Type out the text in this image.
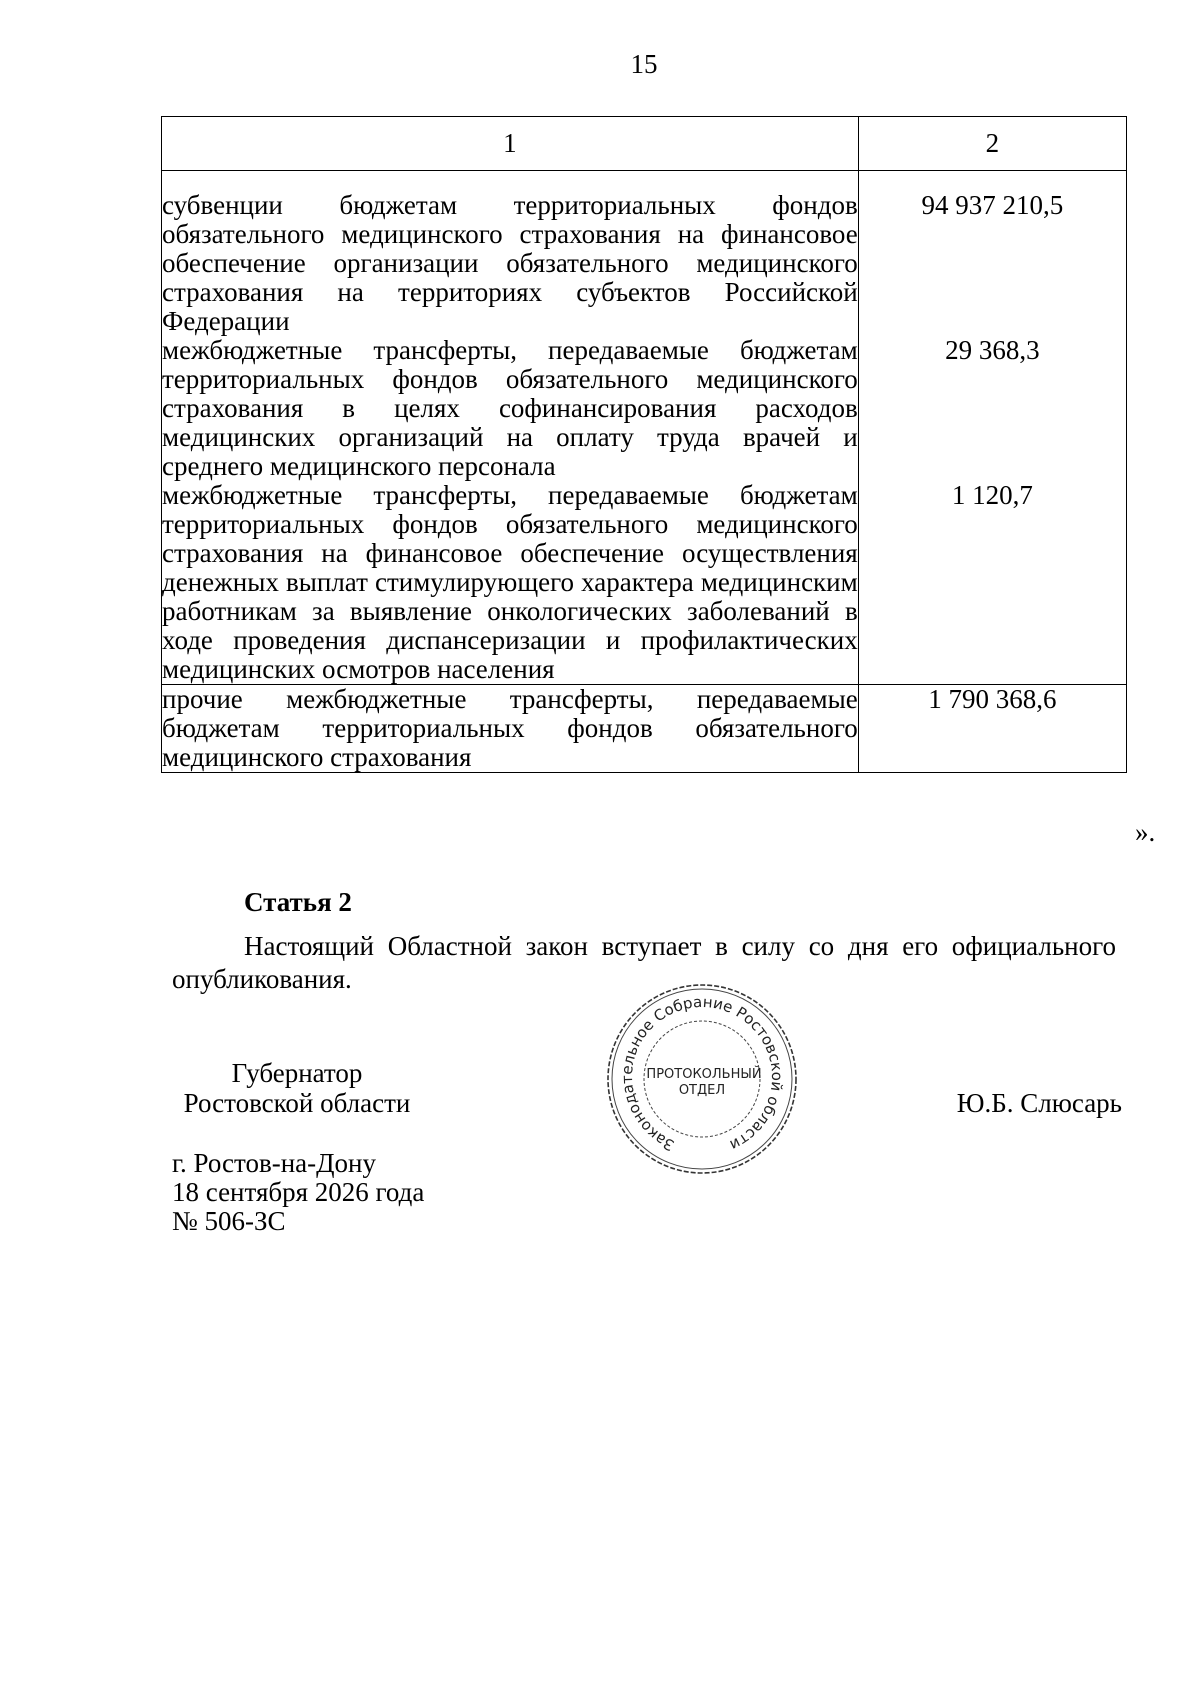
15
1	2
субвенции бюджетам территориальных фондов обязательного медицинского страхования на финансовое обеспечение организации обязательного медицинского страхования на территориях субъектов Российской Федерации	94 937 210,5
межбюджетные трансферты, передаваемые бюджетам территориальных фондов обязательного медицинского страхования в целях софинансирования расходов медицинских организаций на оплату труда врачей и среднего медицинского персонала	29 368,3
межбюджетные трансферты, передаваемые бюджетам территориальных фондов обязательного медицинского страхования на финансовое обеспечение осуществления денежных выплат стимулирующего характера медицинским работникам за выявление онкологических заболеваний в ходе проведения диспансеризации и профилактических медицинских осмотров населения	1 120,7
прочие межбюджетные трансферты, передаваемые бюджетам территориальных фондов обязательного медицинского страхования	1 790 368,6
».
Статья 2
Настоящий Областной закон вступает в силу со дня его официального опубликования.
Губернатор
Ростовской области
Законодательное Собрание Ростовской области
ПРОТОКОЛЬНЫЙ
ОТДЕЛ	Ю.Б. Слюсарь
г. Ростов-на-Дону
18 сентября 2026 года
№ 506-ЗС
